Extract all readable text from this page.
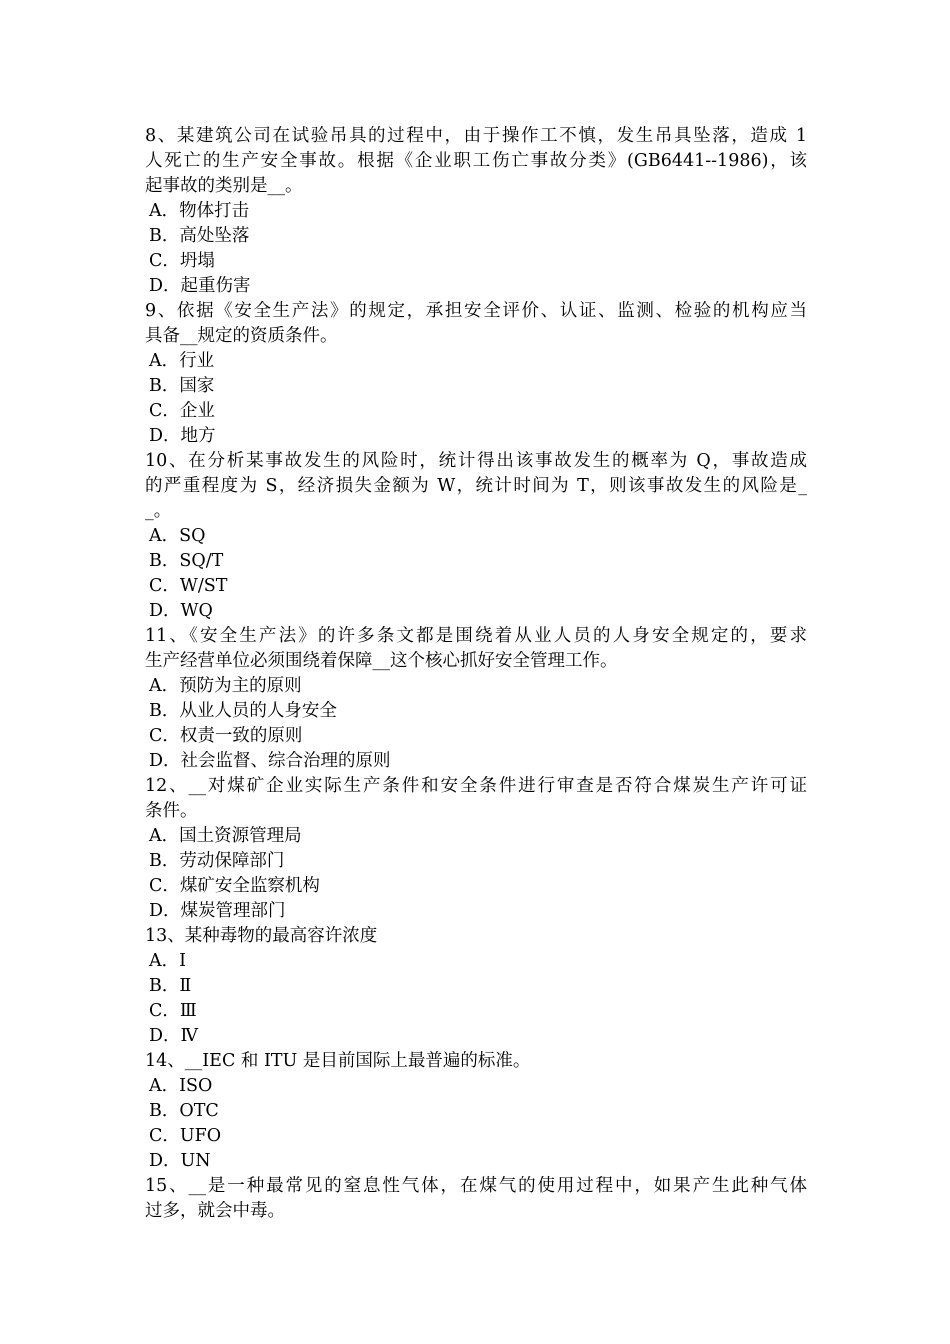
8、某建筑公司在试验吊具的过程中，由于操作工不慎，发生吊具坠落，造成 1
人死亡的生产安全事故。根据《企业职工伤亡事故分类》(GB6441--1986)，该
起事故的类别是__。
A．物体打击
B．高处坠落
C．坍塌
D．起重伤害
9、依据《安全生产法》的规定，承担安全评价、认证、监测、检验的机构应当
具备__规定的资质条件。
A．行业
B．国家
C．企业
D．地方
10、在分析某事故发生的风险时，统计得出该事故发生的概率为 Q，事故造成
的严重程度为 S，经济损失金额为 W，统计时间为 T，则该事故发生的风险是_
_。
A．SQ
B．SQ/T
C．W/ST
D．WQ
11、《安全生产法》的许多条文都是围绕着从业人员的人身安全规定的，要求
生产经营单位必须围绕着保障__这个核心抓好安全管理工作。
A．预防为主的原则
B．从业人员的人身安全
C．权责一致的原则
D．社会监督、综合治理的原则
12、__对煤矿企业实际生产条件和安全条件进行审查是否符合煤炭生产许可证
条件。
A．国土资源管理局
B．劳动保障部门
C．煤矿安全监察机构
D．煤炭管理部门
13、某种毒物的最高容许浓度
A．Ⅰ
B．Ⅱ
C．Ⅲ
D．Ⅳ
14、__IEC 和 ITU 是目前国际上最普遍的标准。
A．ISO
B．OTC
C．UFO
D．UN
15、__是一种最常见的窒息性气体，在煤气的使用过程中，如果产生此种气体
过多，就会中毒。
